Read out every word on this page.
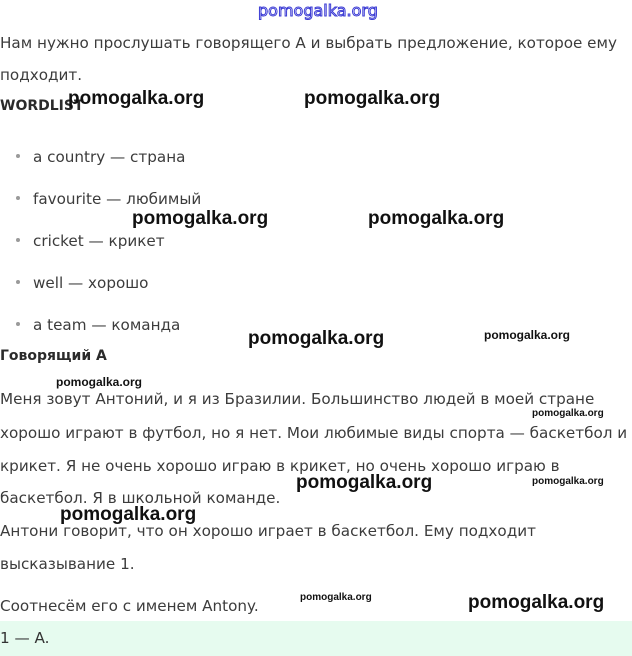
pomogalka.org
Нам нужно прослушать говорящего А и выбрать предложение, которое ему
подходит.
WORDLIST
a country — страна
favourite — любимый
cricket — крикет
well — хорошо
a team — команда
Говорящий А
Меня зовут Антоний, и я из Бразилии. Большинство людей в моей стране
хорошо играют в футбол, но я нет. Мои любимые виды спорта — баскетбол и
крикет. Я не очень хорошо играю в крикет, но очень хорошо играю в
баскетбол. Я в школьной команде.
Антони говорит, что он хорошо играет в баскетбол. Ему подходит
высказывание 1.
Соотнесём его с именем Antony.
1 — A.
pomogalka.org	pomogalka.org
pomogalka.org	pomogalka.org
pomogalka.org	pomogalka.org
pomogalka.org
pomogalka.org
pomogalka.org	pomogalka.org
pomogalka.org
pomogalka.org	pomogalka.org
